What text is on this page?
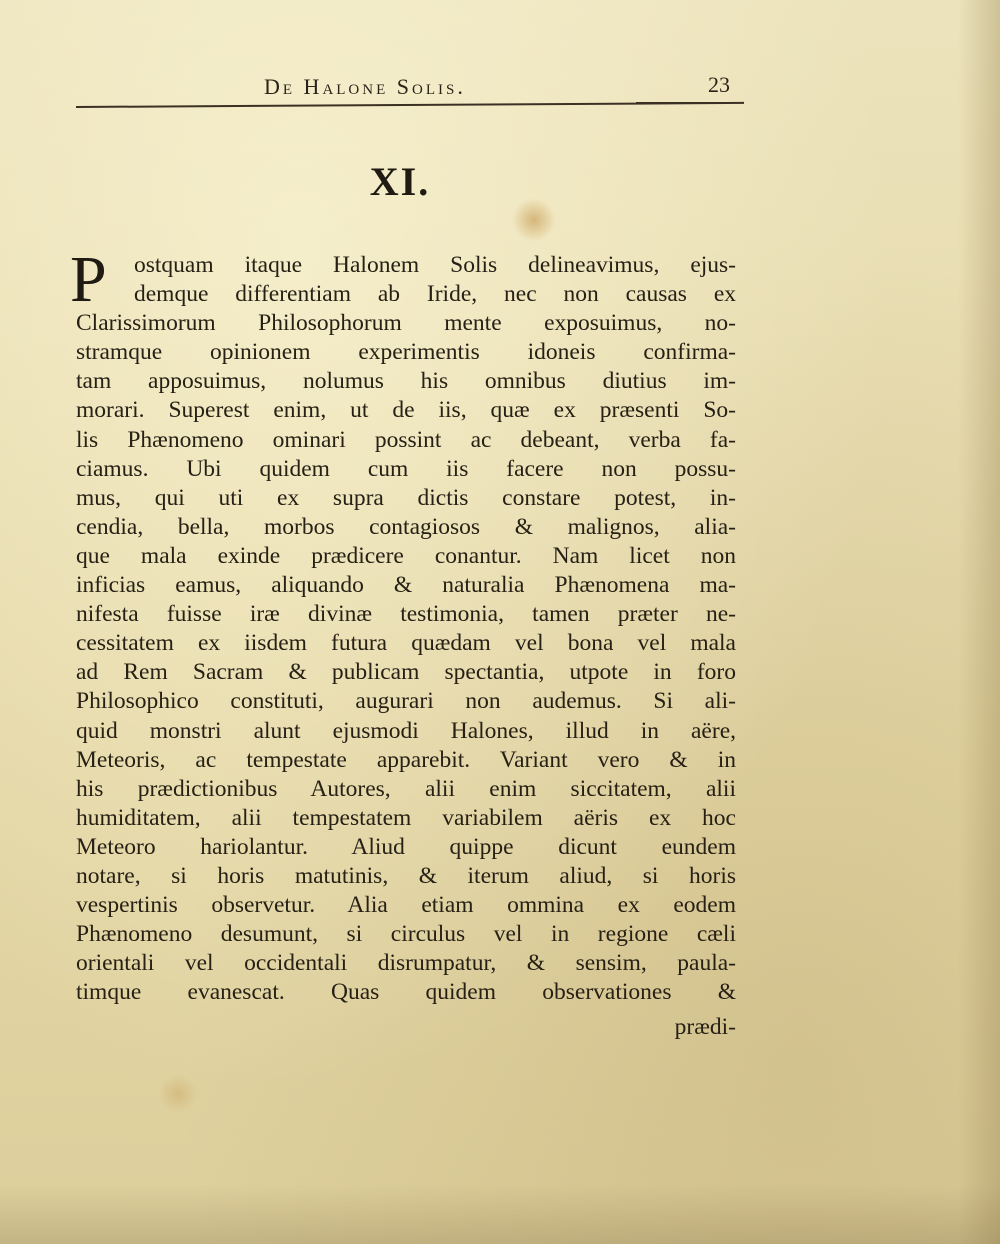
De Halone Solis.	23
XI.
P	ostquam itaque Halonem Solis delineavimus, ejus-
demque differentiam ab Iride, nec non causas ex
Clarissimorum Philosophorum mente exposuimus, no-
stramque opinionem experimentis idoneis confirma-
tam apposuimus, nolumus his omnibus diutius im-
morari. Superest enim, ut de iis, quæ ex præsenti So-
lis Phænomeno ominari possint ac debeant, verba fa-
ciamus. Ubi quidem cum iis facere non possu-
mus, qui uti ex supra dictis constare potest, in-
cendia, bella, morbos contagiosos & malignos, alia-
que mala exinde prædicere conantur. Nam licet non
inficias eamus, aliquando & naturalia Phænomena ma-
nifesta fuisse iræ divinæ testimonia, tamen præter ne-
cessitatem ex iisdem futura quædam vel bona vel mala
ad Rem Sacram & publicam spectantia, utpote in foro
Philosophico constituti, augurari non audemus. Si ali-
quid monstri alunt ejusmodi Halones, illud in aëre,
Meteoris, ac tempestate apparebit. Variant vero & in
his prædictionibus Autores, alii enim siccitatem, alii
humiditatem, alii tempestatem variabilem aëris ex hoc
Meteoro hariolantur. Aliud quippe dicunt eundem
notare, si horis matutinis, & iterum aliud, si horis
vespertinis observetur. Alia etiam ommina ex eodem
Phænomeno desumunt, si circulus vel in regione cæli
orientali vel occidentali disrumpatur, & sensim, paula-
timque evanescat. Quas quidem observationes &
prædi-
